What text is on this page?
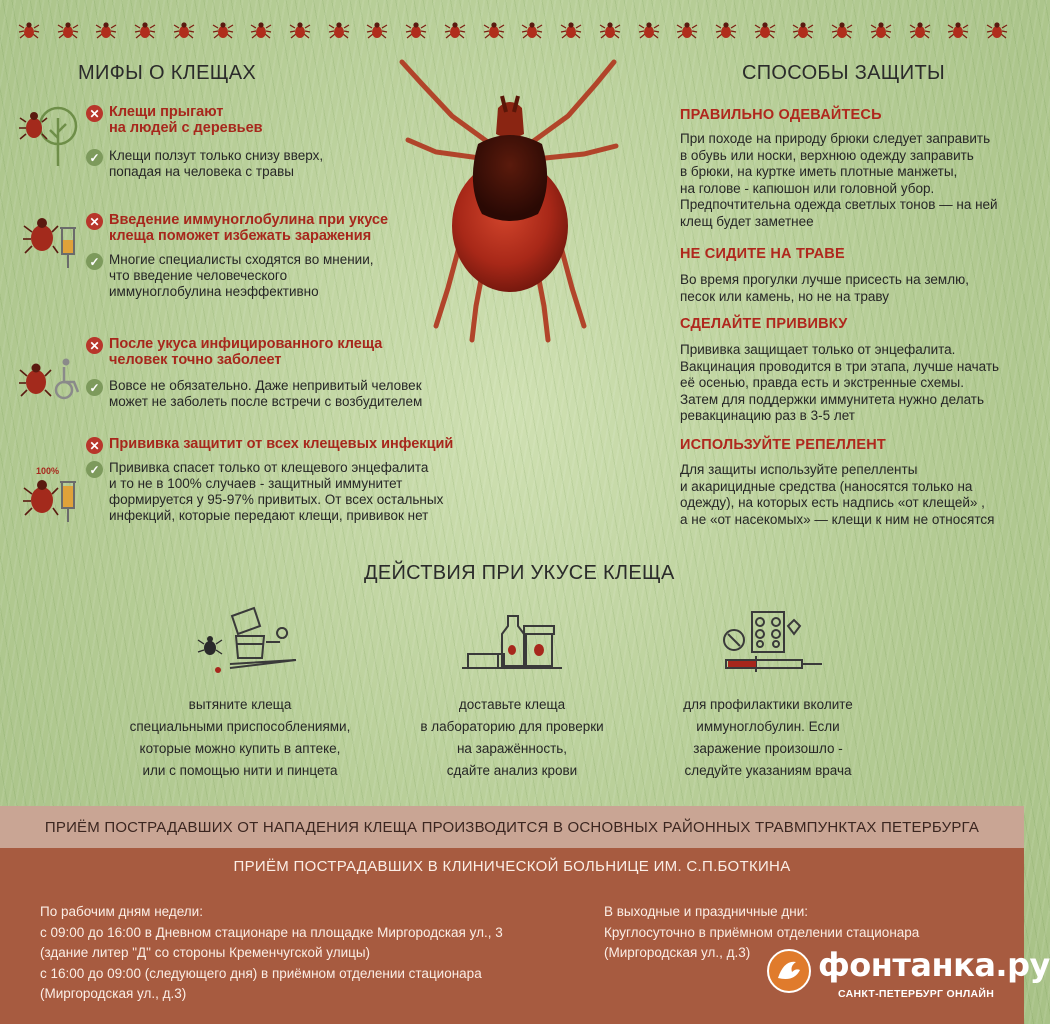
МИФЫ О КЛЕЩАХ
✕ Клещи прыгают
на людей с деревьев
✓ Клещи ползут только снизу вверх,
попадая на человека с травы
✕ Введение иммуноглобулина при укусе
клеща поможет избежать заражения
✓ Многие специалисты сходятся во мнении,
что введение человеческого
иммуноглобулина неэффективно
✕ После укуса инфицированного клеща
человек точно заболеет
✓ Вовсе не обязательно. Даже непривитый человек
может не заболеть после встречи с возбудителем
100%
✕ Прививка защитит от всех клещевых инфекций
✓ Прививка спасет только от клещевого энцефалита
и то не в 100% случаев - защитный иммунитет
формируется у 95-97% привитых. От всех остальных
инфекций, которые передают клещи, прививок нет
СПОСОБЫ ЗАЩИТЫ
ПРАВИЛЬНО ОДЕВАЙТЕСЬ
При походе на природу брюки следует заправить
в обувь или носки, верхнюю одежду заправить
в брюки, на куртке иметь плотные манжеты,
на голове - капюшон или головной убор.
Предпочтительна одежда светлых тонов — на ней
клещ будет заметнее
НЕ СИДИТЕ НА ТРАВЕ
Во время прогулки лучше присесть на землю,
песок или камень, но не на траву
СДЕЛАЙТЕ ПРИВИВКУ
Прививка защищает только от энцефалита.
Вакцинация проводится в три этапа, лучше начать
её осенью, правда есть и экстренные схемы.
Затем для поддержки иммунитета нужно делать
ревакцинацию раз в 3-5 лет
ИСПОЛЬЗУЙТЕ РЕПЕЛЛЕНТ
Для защиты используйте репелленты
и акарицидные средства (наносятся только на
одежду), на которых есть надпись «от клещей» ,
а не «от насекомых» — клещи к ним не относятся
ДЕЙСТВИЯ ПРИ УКУСЕ КЛЕЩА
вытяните клеща
специальными приспособлениями,
которые можно купить в аптеке,
или с помощью нити и пинцета
доставьте клеща
в лабораторию для проверки
на заражённость,
сдайте анализ крови
для профилактики вколите
иммуноглобулин. Если
заражение произошло -
следуйте указаниям врача
ПРИЁМ ПОСТРАДАВШИХ ОТ НАПАДЕНИЯ КЛЕЩА ПРОИЗВОДИТСЯ В ОСНОВНЫХ РАЙОННЫХ ТРАВМПУНКТАХ ПЕТЕРБУРГА
ПРИЁМ ПОСТРАДАВШИХ В КЛИНИЧЕСКОЙ БОЛЬНИЦЕ ИМ. С.П.БОТКИНА
По рабочим дням недели:
с 09:00 до 16:00 в Дневном стационаре на площадке Миргородская ул., 3
(здание литер "Д" со стороны Кременчугской улицы)
с 16:00 до 09:00 (следующего дня) в приёмном отделении стационара
(Миргородская ул., д.3)
В выходные и праздничные дни:
Круглосуточно в приёмном отделении стационара
(Миргородская ул., д.3)	фонтанка.ру
САНКТ-ПЕТЕРБУРГ ОНЛАЙН
